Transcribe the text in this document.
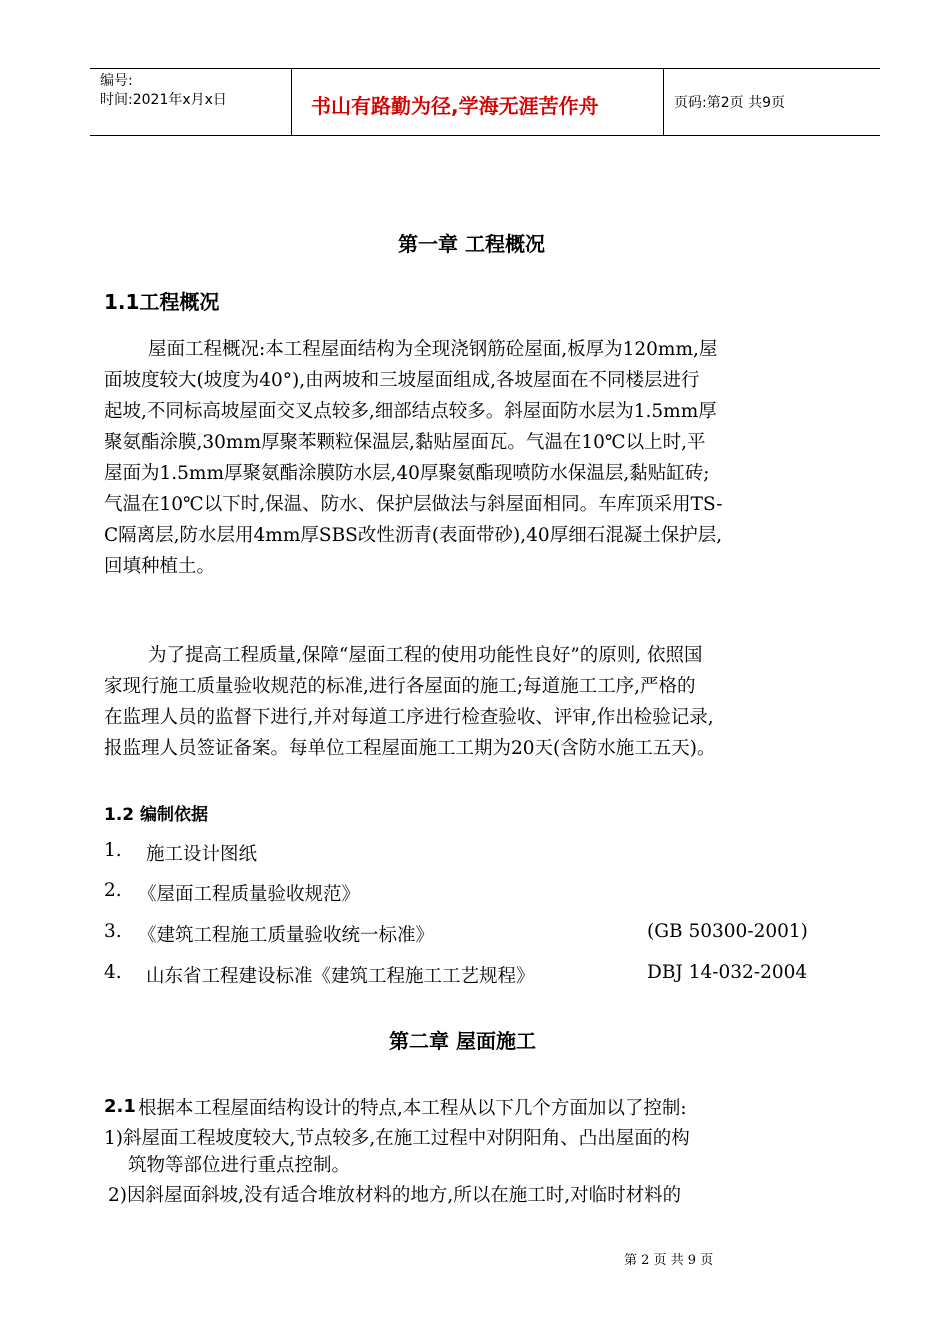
编号:
时间:2021年x月x日	书山有路勤为径,学海无涯苦作舟	页码:第2页 共9页
第一章 工程概况
1.1工程概况
屋面工程概况:本工程屋面结构为全现浇钢筋砼屋面,板厚为120mm,屋
面坡度较大(坡度为40°),由两坡和三坡屋面组成,各坡屋面在不同楼层进行
起坡,不同标高坡屋面交叉点较多,细部结点较多。斜屋面防水层为1.5mm厚
聚氨酯涂膜,30mm厚聚苯颗粒保温层,黏贴屋面瓦。气温在10℃以上时,平
屋面为1.5mm厚聚氨酯涂膜防水层,40厚聚氨酯现喷防水保温层,黏贴缸砖;
气温在10℃以下时,保温、防水、保护层做法与斜屋面相同。车库顶采用TS-
C隔离层,防水层用4mm厚SBS改性沥青(表面带砂),40厚细石混凝土保护层,
回填种植土。
为了提高工程质量,保障“屋面工程的使用功能性良好”的原则, 依照国
家现行施工质量验收规范的标准,进行各屋面的施工;每道施工工序,严格的
在监理人员的监督下进行,并对每道工序进行检查验收、评审,作出检验记录,
报监理人员签证备案。每单位工程屋面施工工期为20天(含防水施工五天)。
1.2 编制依据
1. 施工设计图纸
2. 《屋面工程质量验收规范》
3. 《建筑工程施工质量验收统一标准》	(GB 50300-2001)
4. 山东省工程建设标准《建筑工程施工工艺规程》	DBJ 14-032-2004
第二章 屋面施工
2.1 根据本工程屋面结构设计的特点,本工程从以下几个方面加以了控制:
1)斜屋面工程坡度较大,节点较多,在施工过程中对阴阳角、凸出屋面的构
筑物等部位进行重点控制。
2)因斜屋面斜坡,没有适合堆放材料的地方,所以在施工时,对临时材料的
第 2 页 共 9 页
